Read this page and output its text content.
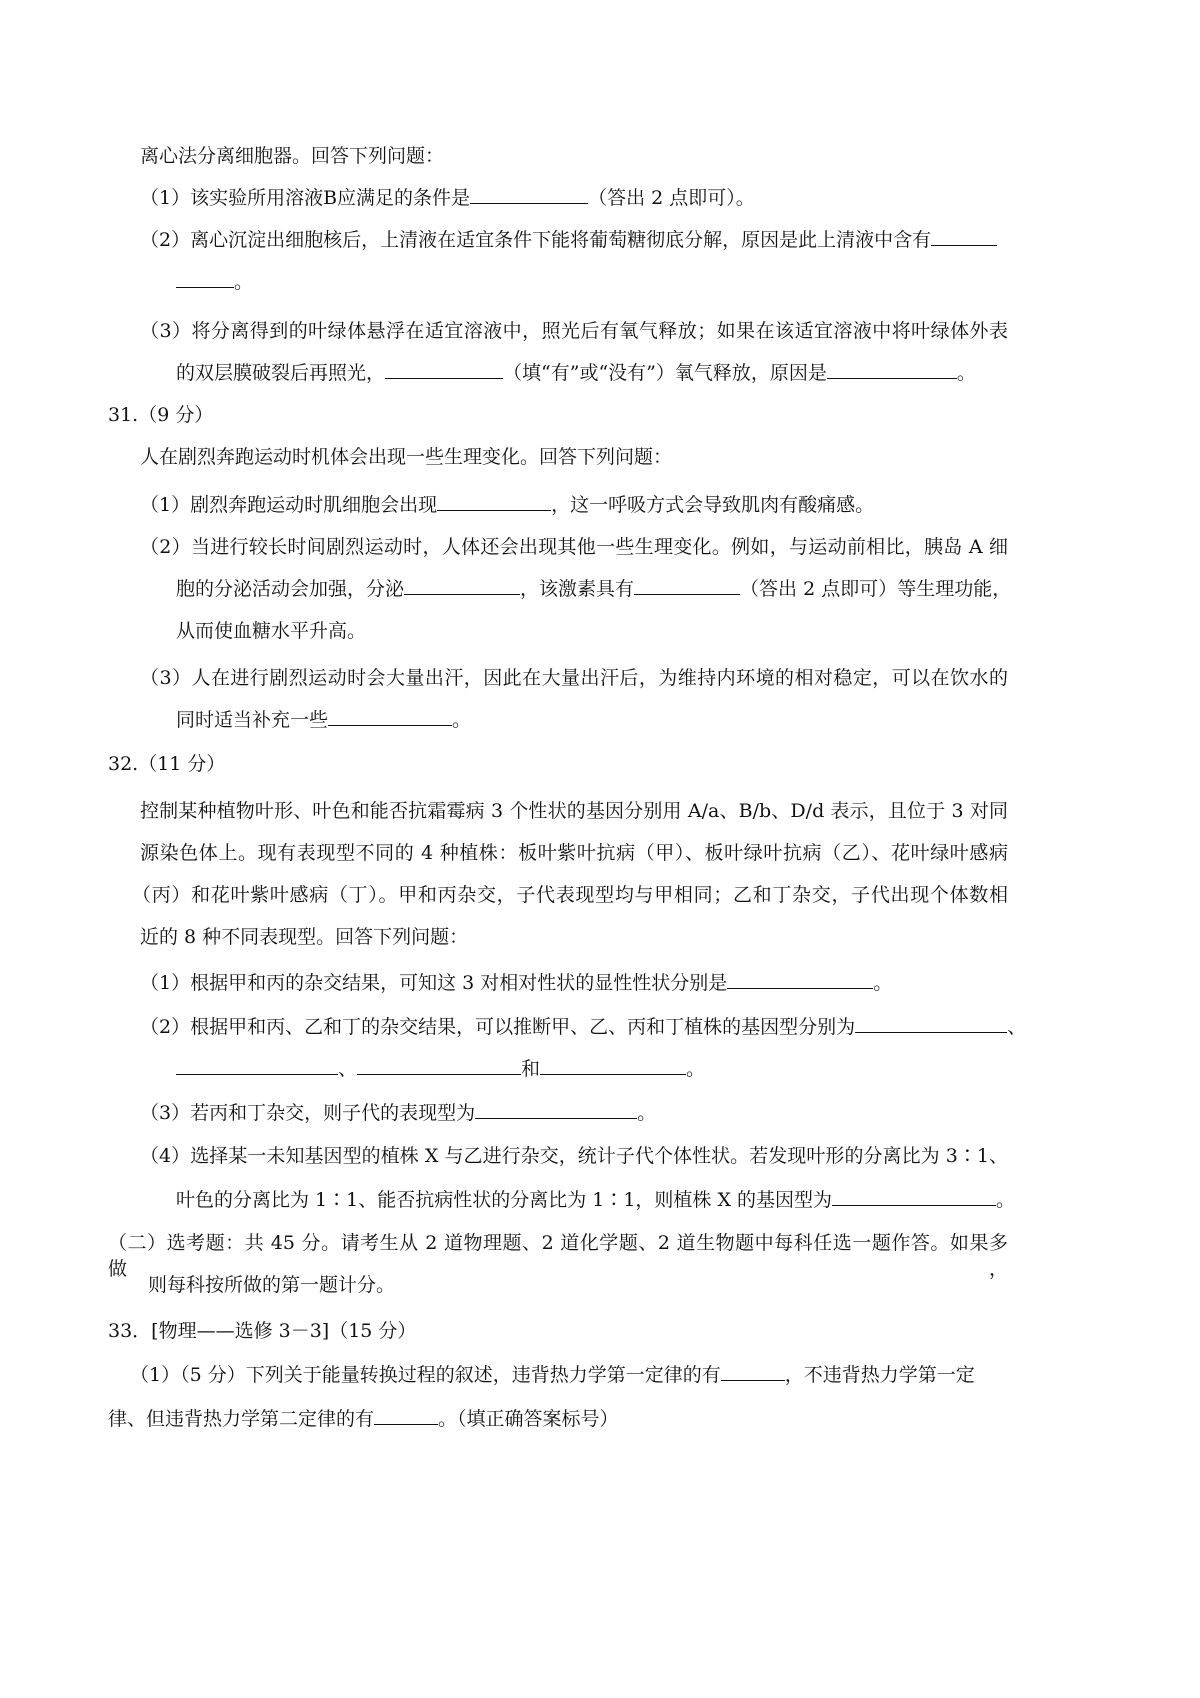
离心法分离细胞器。回答下列问题：

（1）该实验所用溶液B应满足的条件是	（答出 2 点即可）。

（2）离心沉淀出细胞核后，上清液在适宜条件下能将葡萄糖彻底分解，原因是此上清液中含有

。

（3）将分离得到的叶绿体悬浮在适宜溶液中，照光后有氧气释放；如果在该适宜溶液中将叶绿体外表

的双层膜破裂后再照光，	（填“有”或“没有”）氧气释放，原因是	。

31.（9 分）

人在剧烈奔跑运动时机体会出现一些生理变化。回答下列问题：

（1）剧烈奔跑运动时肌细胞会出现	，这一呼吸方式会导致肌肉有酸痛感。

（2）当进行较长时间剧烈运动时，人体还会出现其他一些生理变化。例如，与运动前相比，胰岛 A 细

胞的分泌活动会加强，分泌	，该激素具有	（答出 2 点即可）等生理功能，

从而使血糖水平升高。

（3）人在进行剧烈运动时会大量出汗，因此在大量出汗后，为维持内环境的相对稳定，可以在饮水的

同时适当补充一些	。

32.（11 分）

控制某种植物叶形、叶色和能否抗霜霉病 3 个性状的基因分别用 A/a、B/b、D/d 表示，且位于 3 对同

源染色体上。现有表现型不同的 4 种植株：板叶紫叶抗病（甲）、板叶绿叶抗病（乙）、花叶绿叶感病

（丙）和花叶紫叶感病（丁）。甲和丙杂交，子代表现型均与甲相同；乙和丁杂交，子代出现个体数相

近的 8 种不同表现型。回答下列问题：

（1）根据甲和丙的杂交结果，可知这 3 对相对性状的显性性状分别是	。

（2）根据甲和丙、乙和丁的杂交结果，可以推断甲、乙、丙和丁植株的基因型分别为	、

、	和	。

（3）若丙和丁杂交，则子代的表现型为	。

（4）选择某一未知基因型的植株 X 与乙进行杂交，统计子代个体性状。若发现叶形的分离比为 3∶1、

叶色的分离比为 1∶1、能否抗病性状的分离比为 1∶1，则植株 X 的基因型为	。

（二）选考题：共 45 分。请考生从 2 道物理题、2 道化学题、2 道生物题中每科任选一题作答。如果多做，

则每科按所做的第一题计分。

33．[物理——选修 3－3]（15 分）

（1）（5 分）下列关于能量转换过程的叙述，违背热力学第一定律的有	，不违背热力学第一定

律、但违背热力学第二定律的有	。（填正确答案标号）
